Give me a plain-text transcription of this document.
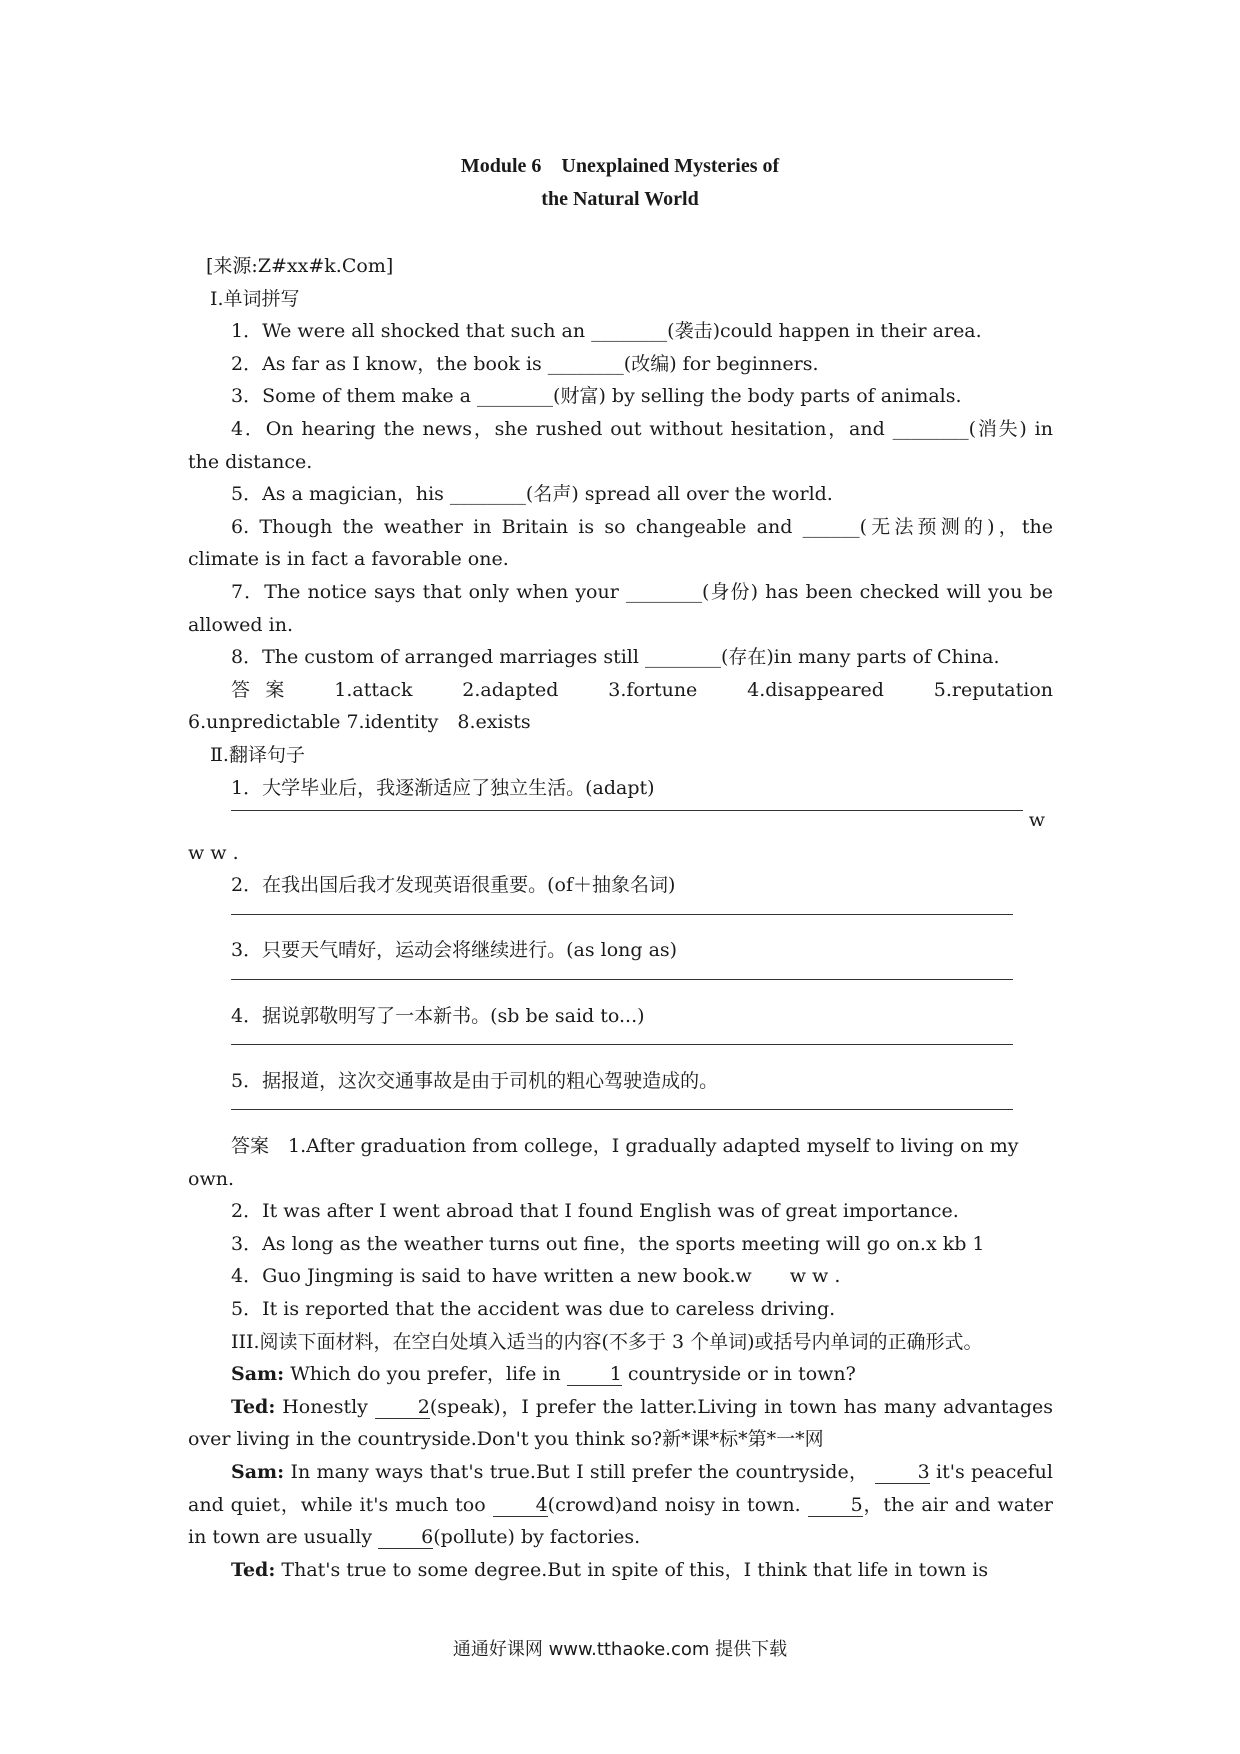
Module 6    Unexplained Mysteries of
the Natural World

[来源:Z#xx#k.Com]

Ⅰ.单词拼写

1．We were all shocked that such an ________(袭击)could happen in their area.

2．As far as I know，the book is ________(改编) for beginners.

3．Some of them make a ________(财富) by selling the body parts of animals.

4．On hearing the news，she rushed out without hesitation，and ________(消失) in the distance.

5．As a magician，his ________(名声) spread all over the world.

6. Though the weather in Britain is so changeable and ______(无法预测的)，the climate is in fact a favorable one.

7．The notice says that only when your ________(身份) has been checked will you be allowed in.

8．The custom of arranged marriages still ________(存在)in many parts of China.

答案　1.attack　2.adapted　3.fortune　4.disappeared　5.reputation　6.unpredictable 7.identity　8.exists

Ⅱ.翻译句子

1．大学毕业后，我逐渐适应了独立生活。(adapt)

w

w w .

2．在我出国后我才发现英语很重要。(of＋抽象名词)

3．只要天气晴好，运动会将继续进行。(as long as)

4．据说郭敬明写了一本新书。(sb be said to...)

5．据报道，这次交通事故是由于司机的粗心驾驶造成的。

答案　1.After graduation from college，I gradually adapted myself to living on my own.

2．It was after I went abroad that I found English was of great importance.

3．As long as the weather turns out fine，the sports meeting will go on.x kb 1

4．Guo Jingming is said to have written a new book.w　　w w .

5．It is reported that the accident was due to careless driving.

III.阅读下面材料，在空白处填入适当的内容(不多于 3 个单词)或括号内单词的正确形式。

Sam: Which do you prefer，life in	1 countryside or in town?

Ted: Honestly	2(speak)，I prefer the latter.Living in town has many advantages over living in the countryside.Don't you think so?新*课*标*第*一*网

Sam: In many ways that's true.But I still prefer the countryside，	3 it's peaceful and quiet，while it's much too	4(crowd)and noisy in town.	5，the air and water in town are usually	6(pollute) by factories.

Ted: That's true to some degree.But in spite of this，I think that life in town is

通通好课网 www.tthaoke.com 提供下载
